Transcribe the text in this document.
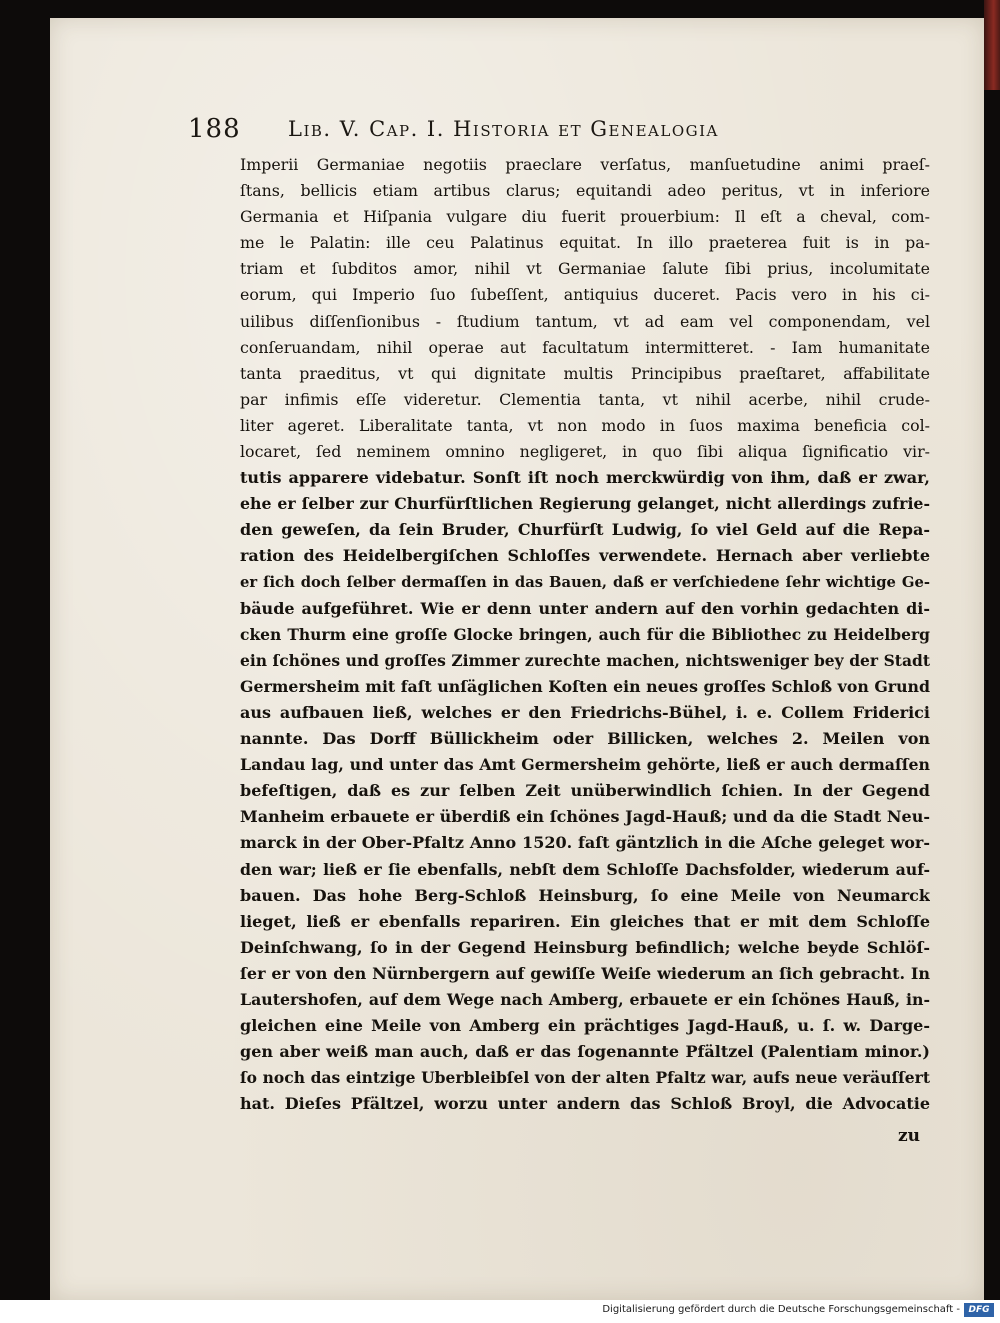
188 Lib. V. Cap. I. Historia et Genealogia
Imperii Germaniae negotiis praeclare verſatus, manſuetudine animi praeſ-
ſtans, bellicis etiam artibus clarus; equitandi adeo peritus, vt in inferiore
Germania et Hiſpania vulgare diu fuerit prouerbium: Il eſt a cheval, com-
me le Palatin: ille ceu Palatinus equitat. In illo praeterea fuit is in pa-
triam et ſubditos amor, nihil vt Germaniae ſalute ſibi prius, incolumitate
eorum, qui Imperio ſuo ſubeſſent, antiquius duceret. Pacis vero in his ci-
uilibus diſſenſionibus - ſtudium tantum, vt ad eam vel componendam, vel
conſeruandam, nihil operae aut facultatum intermitteret. - Iam humanitate
tanta praeditus, vt qui dignitate multis Principibus praeſtaret, affabilitate
par infimis eſſe videretur. Clementia tanta, vt nihil acerbe, nihil crude-
liter ageret. Liberalitate tanta, vt non modo in ſuos maxima beneficia col-
locaret, ſed neminem omnino negligeret, in quo ſibi aliqua ſignificatio vir-
tutis apparere videbatur. Sonſt iſt noch merckwürdig von ihm, daß er zwar,
ehe er ſelber zur Churfürſtlichen Regierung gelanget, nicht allerdings zufrie-
den geweſen, da ſein Bruder, Churfürſt Ludwig, ſo viel Geld auf die Repa-
ration des Heidelbergiſchen Schloſſes verwendete. Hernach aber verliebte
er ſich doch ſelber dermaſſen in das Bauen, daß er verſchiedene ſehr wichtige Ge-
bäude aufgeführet. Wie er denn unter andern auf den vorhin gedachten di-
cken Thurm eine groſſe Glocke bringen, auch für die Bibliothec zu Heidelberg
ein ſchönes und groſſes Zimmer zurechte machen, nichtsweniger bey der Stadt
Germersheim mit faſt unſäglichen Koſten ein neues groſſes Schloß von Grund
aus aufbauen ließ, welches er den Friedrichs-Bühel, i. e. Collem Friderici
nannte. Das Dorff Büllickheim oder Billicken, welches 2. Meilen von
Landau lag, und unter das Amt Germersheim gehörte, ließ er auch dermaſſen
befeſtigen, daß es zur ſelben Zeit unüberwindlich ſchien. In der Gegend
Manheim erbauete er überdiß ein ſchönes Jagd-Hauß; und da die Stadt Neu-
marck in der Ober-Pfaltz Anno 1520. faſt gäntzlich in die Aſche geleget wor-
den war; ließ er ſie ebenfalls, nebſt dem Schloſſe Dachsfolder, wiederum auf-
bauen. Das hohe Berg-Schloß Heinsburg, ſo eine Meile von Neumarck
lieget, ließ er ebenfalls repariren. Ein gleiches that er mit dem Schloſſe
Deinſchwang, ſo in der Gegend Heinsburg befindlich; welche beyde Schlöſ-
ſer er von den Nürnbergern auf gewiſſe Weiſe wiederum an ſich gebracht. In
Lautershofen, auf dem Wege nach Amberg, erbauete er ein ſchönes Hauß, in-
gleichen eine Meile von Amberg ein prächtiges Jagd-Hauß, u. ſ. w. Darge-
gen aber weiß man auch, daß er das ſogenannte Pfältzel (Palentiam minor.)
ſo noch das eintzige Uberbleibſel von der alten Pfaltz war, aufs neue veräuſſert
hat. Dieſes Pfältzel, worzu unter andern das Schloß Broyl, die Advocatie
zu
Digitalisierung gefördert durch die Deutsche Forschungsgemeinschaft - DFG
